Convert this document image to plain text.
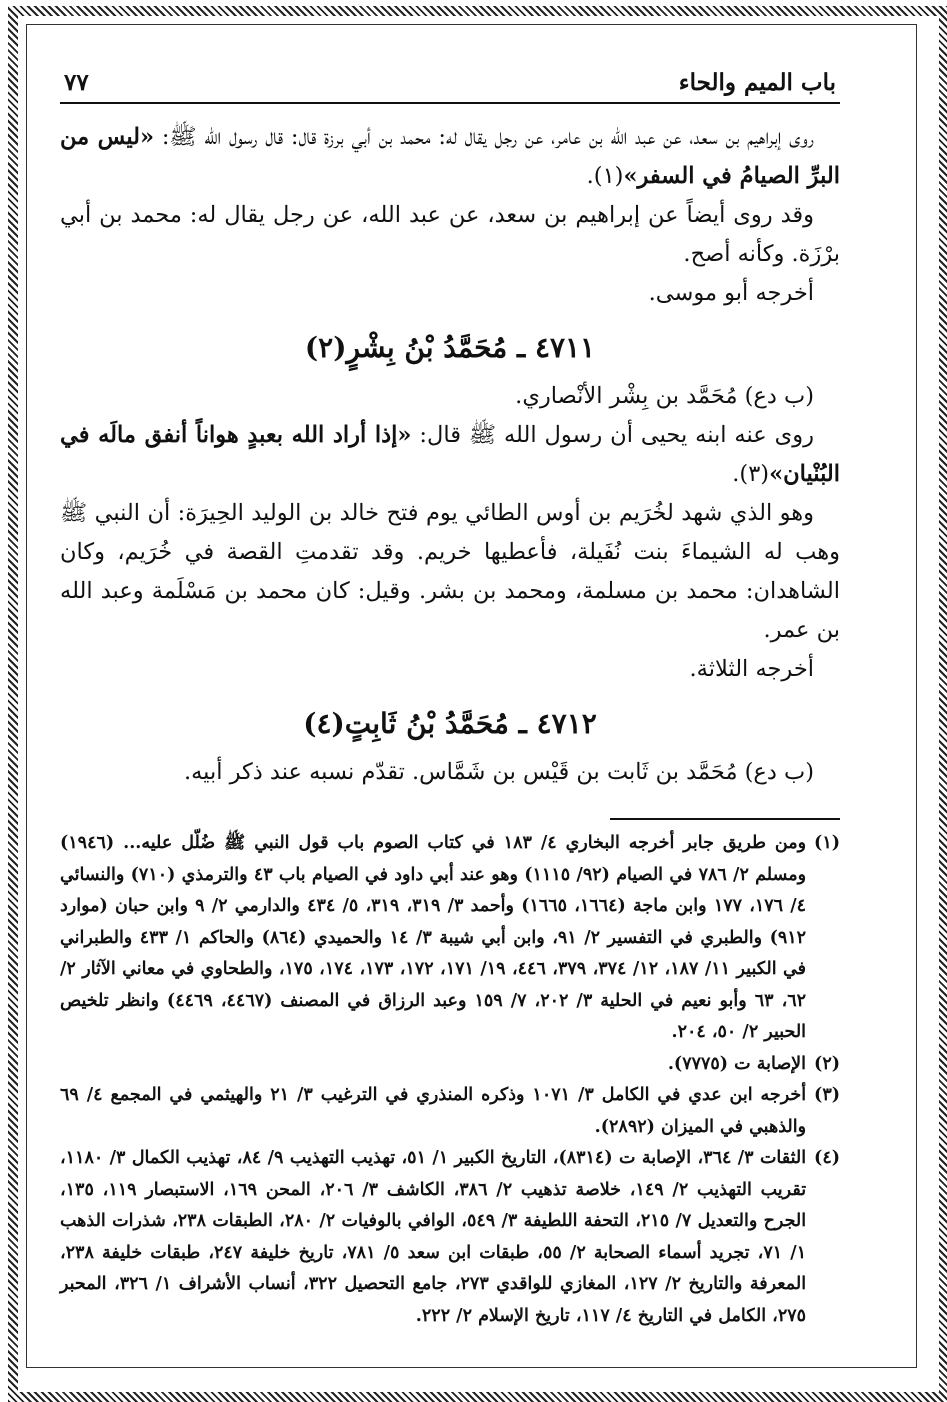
باب الميم والحاء
٧٧

روى إبراهيم بن سعد، عن عبد الله بن عامر، عن رجل يقال له: محمد بن أبي برزة قال: قال رسول الله ﷺ: «ليس من البرِّ الصيامُ في السفر»(١).

وقد روى أيضاً عن إبراهيم بن سعد، عن عبد الله، عن رجل يقال له: محمد بن أبي برْزَة. وكأنه أصح.

أخرجه أبو موسى.

٤٧١١ ـ مُحَمَّدُ بْنُ بِشْرٍ(٢)

(ب دع) مُحَمَّد بن بِشْر الأنْصاري.

روى عنه ابنه يحيى أن رسول الله ﷺ قال: «إذا أراد الله بعبدٍ هواناً أنفق مالَه في البُنْيان»(٣).

وهو الذي شهد لخُرَيم بن أوس الطائي يوم فتح خالد بن الوليد الحِيرَة: أن النبي ﷺ وهب له الشيماءَ بنت نُفَيلة، فأعطيها خريم. وقد تقدمتِ القصة في خُرَيم، وكان الشاهدان: محمد بن مسلمة، ومحمد بن بشر. وقيل: كان محمد بن مَسْلَمة وعبد الله بن عمر.

أخرجه الثلاثة.

٤٧١٢ ـ مُحَمَّدُ بْنُ ثَابِتٍ(٤)

(ب دع) مُحَمَّد بن ثَابت بن قَيْس بن شَمَّاس. تقدّم نسبه عند ذكر أبيه.

(١)
ومن طريق جابر أخرجه البخاري ٤/ ١٨٣ في كتاب الصوم باب قول النبي ﷺ ضُلّل عليه... (١٩٤٦) ومسلم ٢/ ٧٨٦ في الصيام (٩٢/ ١١١٥) وهو عند أبي داود في الصيام باب ٤٣ والترمذي (٧١٠) والنسائي ٤/ ١٧٦، ١٧٧ وابن ماجة (١٦٦٤، ١٦٦٥) وأحمد ٣/ ٣١٩، ٣١٩، ٥/ ٤٣٤ والدارمي ٢/ ٩ وابن حبان (موارد ٩١٢) والطبري في التفسير ٢/ ٩١، وابن أبي شيبة ٣/ ١٤ والحميدي (٨٦٤) والحاكم ١/ ٤٣٣ والطبراني في الكبير ١١/ ١٨٧، ١٢/ ٣٧٤، ٣٧٩، ٤٤٦، ١٩/ ١٧١، ١٧٢، ١٧٣، ١٧٤، ١٧٥، والطحاوي في معاني الآثار ٢/ ٦٢، ٦٣ وأبو نعيم في الحلية ٣/ ٢٠٢، ٧/ ١٥٩ وعبد الرزاق في المصنف (٤٤٦٧، ٤٤٦٩) وانظر تلخيص الحبير ٢/ ٥٠، ٢٠٤.

(٢)
الإصابة ت (٧٧٧٥).

(٣)
أخرجه ابن عدي في الكامل ٣/ ١٠٧١ وذكره المنذري في الترغيب ٣/ ٢١ والهيثمي في المجمع ٤/ ٦٩ والذهبي في الميزان (٢٨٩٢).

(٤)
الثقات ٣/ ٣٦٤، الإصابة ت (٨٣١٤)، التاريخ الكبير ١/ ٥١، تهذيب التهذيب ٩/ ٨٤، تهذيب الكمال ٣/ ١١٨٠، تقريب التهذيب ٢/ ١٤٩، خلاصة تذهيب ٢/ ٣٨٦، الكاشف ٣/ ٢٠٦، المحن ١٦٩، الاستبصار ١١٩، ١٣٥، الجرح والتعديل ٧/ ٢١٥، التحفة اللطيفة ٣/ ٥٤٩، الوافي بالوفيات ٢/ ٢٨٠، الطبقات ٢٣٨، شذرات الذهب ١/ ٧١، تجريد أسماء الصحابة ٢/ ٥٥، طبقات ابن سعد ٥/ ٧٨١، تاريخ خليفة ٢٤٧، طبقات خليفة ٢٣٨، المعرفة والتاريخ ٢/ ١٢٧، المغازي للواقدي ٢٧٣، جامع التحصيل ٣٢٢، أنساب الأشراف ١/ ٣٢٦، المحبر ٢٧٥، الكامل في التاريخ ٤/ ١١٧، تاريخ الإسلام ٢/ ٢٢٢.
